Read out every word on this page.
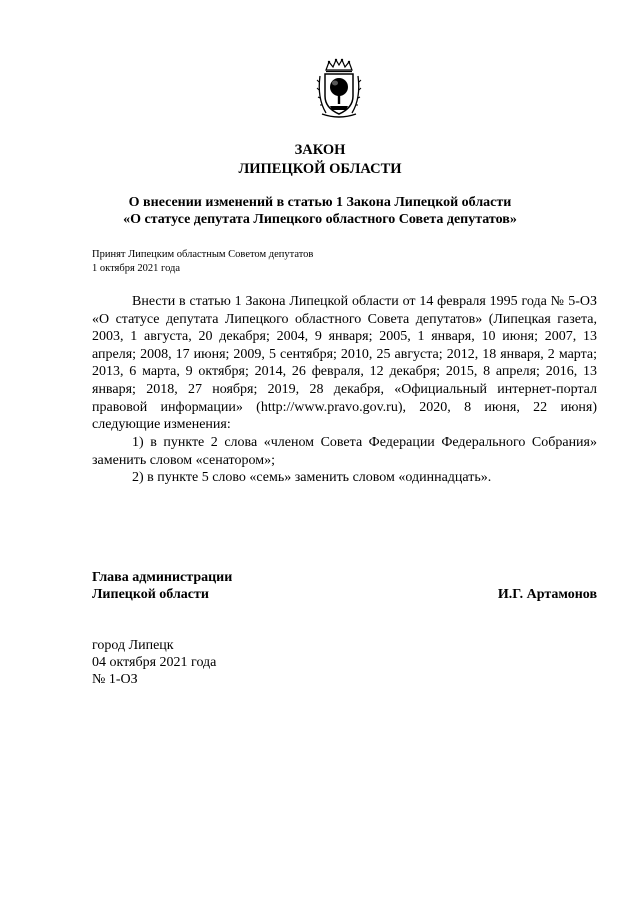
ЗАКОН
ЛИПЕЦКОЙ ОБЛАСТИ
О внесении изменений в статью 1 Закона Липецкой области
«О статусе депутата Липецкого областного Совета депутатов»
Принят Липецким областным Советом депутатов
1 октября 2021 года
Внести в статью 1 Закона Липецкой области от 14 февраля 1995 года № 5-ОЗ «О статусе депутата Липецкого областного Совета депутатов» (Липецкая газета, 2003, 1 августа, 20 декабря; 2004, 9 января; 2005, 1 января, 10 июня; 2007, 13 апреля; 2008, 17 июня; 2009, 5 сентября; 2010, 25 августа; 2012, 18 января, 2 марта; 2013, 6 марта, 9 октября; 2014, 26 февраля, 12 декабря; 2015, 8 апреля; 2016, 13 января; 2018, 27 ноября; 2019, 28 декабря, «Официальный интернет-портал правовой информации» (http://www.pravo.gov.ru), 2020, 8 июня, 22 июня) следующие изменения:
1) в пункте 2 слова «членом Совета Федерации Федерального Собрания» заменить словом «сенатором»;
2) в пункте 5 слово «семь» заменить словом «одиннадцать».
Глава администрации
Липецкой области	И.Г. Артамонов
город Липецк
04 октября 2021 года
№ 1-ОЗ
